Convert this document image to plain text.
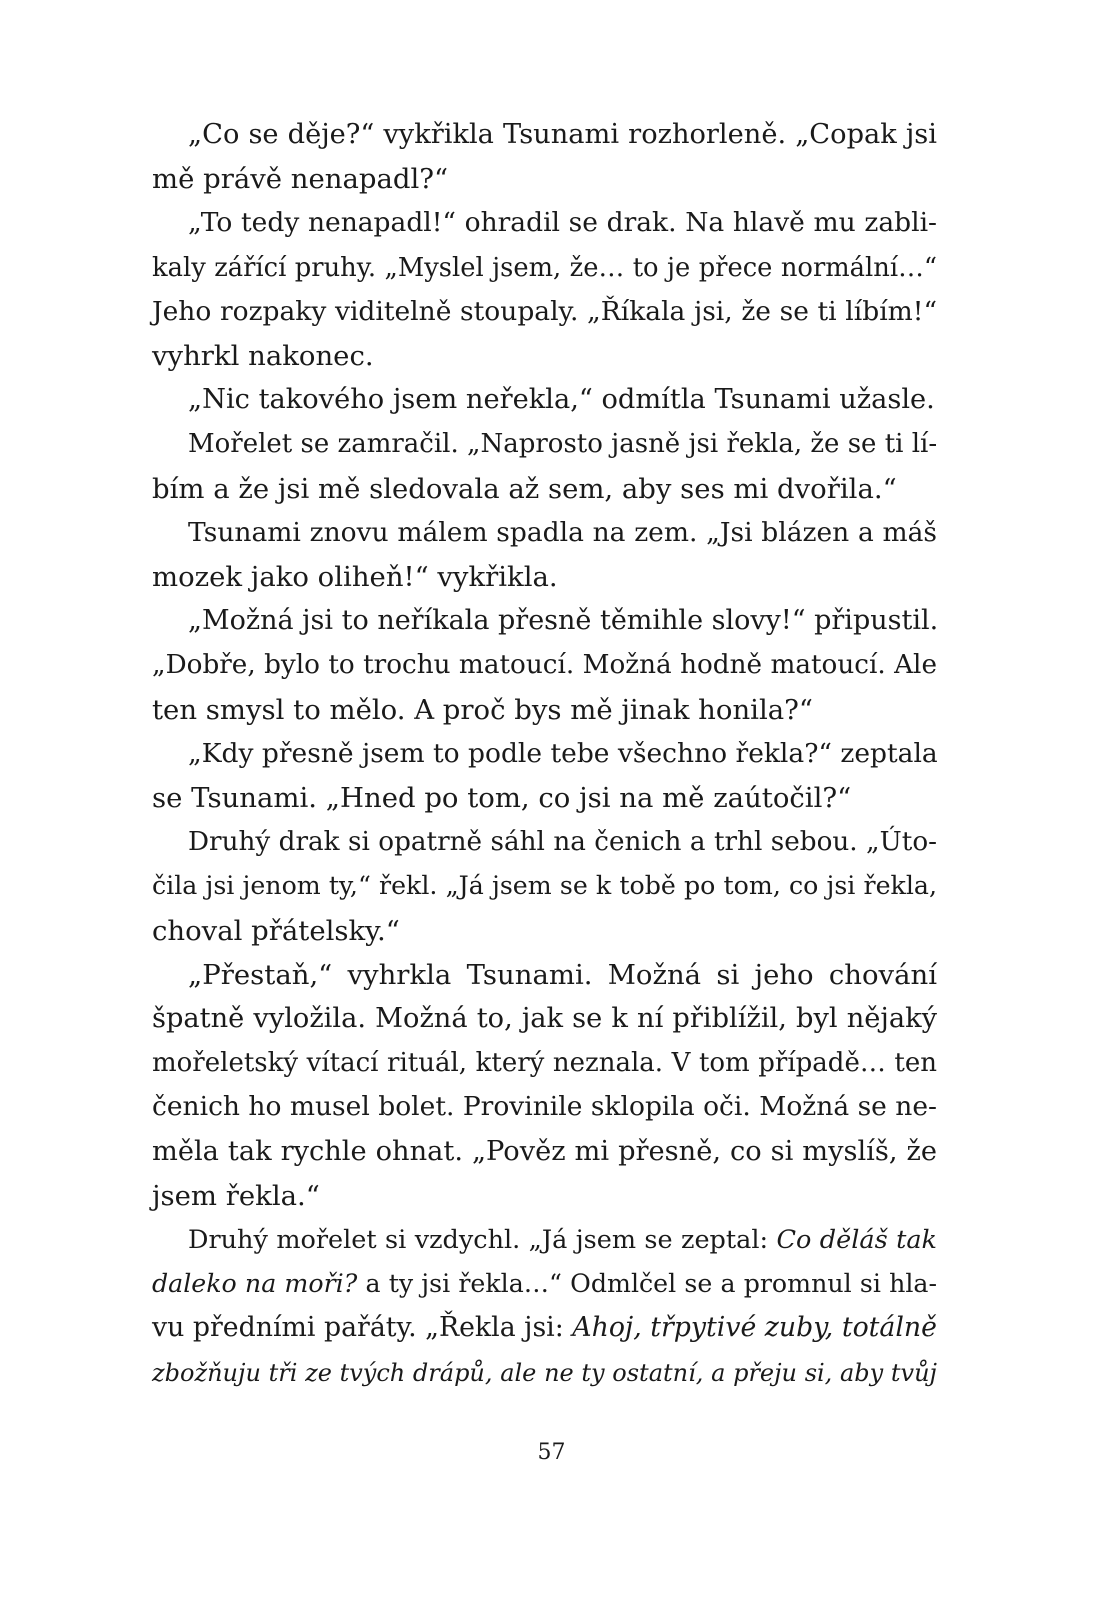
„Co se děje?“ vykřikla Tsunami rozhorleně. „Copak jsi
mě právě nenapadl?“
„To tedy nenapadl!“ ohradil se drak. Na hlavě mu zabli-
kaly zářící pruhy. „Myslel jsem, že… to je přece normální…“
Jeho rozpaky viditelně stoupaly. „Říkala jsi, že se ti líbím!“
vyhrkl nakonec.
„Nic takového jsem neřekla,“ odmítla Tsunami užasle.
Mořelet se zamračil. „Naprosto jasně jsi řekla, že se ti lí-
bím a že jsi mě sledovala až sem, aby ses mi dvořila.“
Tsunami znovu málem spadla na zem. „Jsi blázen a máš
mozek jako oliheň!“ vykřikla.
„Možná jsi to neříkala přesně těmihle slovy!“ připustil.
„Dobře, bylo to trochu matoucí. Možná hodně matoucí. Ale
ten smysl to mělo. A proč bys mě jinak honila?“
„Kdy přesně jsem to podle tebe všechno řekla?“ zeptala
se Tsunami. „Hned po tom, co jsi na mě zaútočil?“
Druhý drak si opatrně sáhl na čenich a trhl sebou. „Úto-
čila jsi jenom ty,“ řekl. „Já jsem se k tobě po tom, co jsi řekla,
choval přátelsky.“
„Přestaň,“ vyhrkla Tsunami. Možná si jeho chování
špatně vyložila. Možná to, jak se k ní přiblížil, byl nějaký
mořeletský vítací rituál, který neznala. V tom případě… ten
čenich ho musel bolet. Provinile sklopila oči. Možná se ne-
měla tak rychle ohnat. „Pověz mi přesně, co si myslíš, že
jsem řekla.“
Druhý mořelet si vzdychl. „Já jsem se zeptal: Co děláš tak
daleko na moři? a ty jsi řekla…“ Odmlčel se a promnul si hla-
vu předními pařáty. „Řekla jsi: Ahoj, třpytivé zuby, totálně
zbožňuju tři ze tvých drápů, ale ne ty ostatní, a přeju si, aby tvůj
57
